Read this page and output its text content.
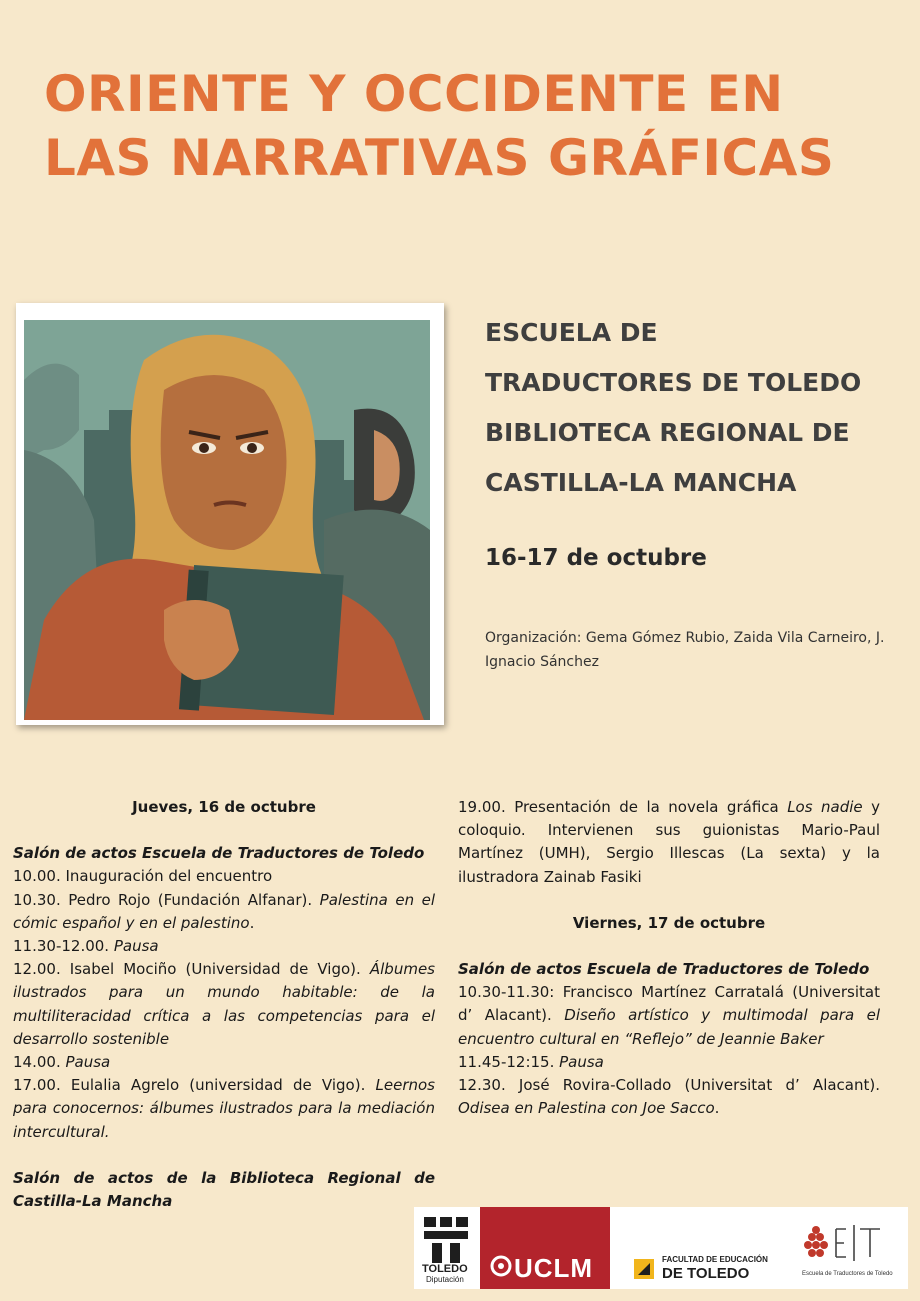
ORIENTE Y OCCIDENTE EN
LAS NARRATIVAS GRÁFICAS
ESCUELA DE
TRADUCTORES DE TOLEDO
BIBLIOTECA REGIONAL DE
CASTILLA-LA MANCHA
16-17 de octubre
Organización: Gema Gómez Rubio, Zaida Vila Carneiro, J. Ignacio Sánchez

Jueves, 16 de octubre

Salón de actos Escuela de Traductores de Toledo

10.00. Inauguración del encuentro

10.30. Pedro Rojo (Fundación Alfanar). Palestina en el cómic español y en el palestino.

11.30-12.00. Pausa

12.00. Isabel Mociño (Universidad de Vigo). Álbumes ilustrados para un mundo habitable: de la multiliteracidad crítica a las competencias para el desarrollo sostenible

14.00. Pausa

17.00. Eulalia Agrelo (universidad de Vigo). Leernos para conocernos: álbumes ilustrados para la mediación intercultural.

Salón de actos de la Biblioteca Regional de Castilla-La Mancha

19.00. Presentación de la novela gráfica Los nadie y coloquio. Intervienen sus guionistas Mario-Paul Martínez (UMH), Sergio Illescas (La sexta) y la ilustradora Zainab Fasiki

Viernes, 17 de octubre

Salón de actos Escuela de Traductores de Toledo

10.30-11.30: Francisco Martínez Carratalá (Universitat d’ Alacant). Diseño artístico y multimodal para el encuentro cultural en “Reflejo” de Jeannie Baker

11.45-12:15. Pausa

12.30. José Rovira-Collado (Universitat d’ Alacant). Odisea en Palestina con Joe Sacco.

TOLEDO
Diputación UCLM	FACULTAD DE EDUCACIÓN
DE TOLEDO	Escuela de Traductores de Toledo
